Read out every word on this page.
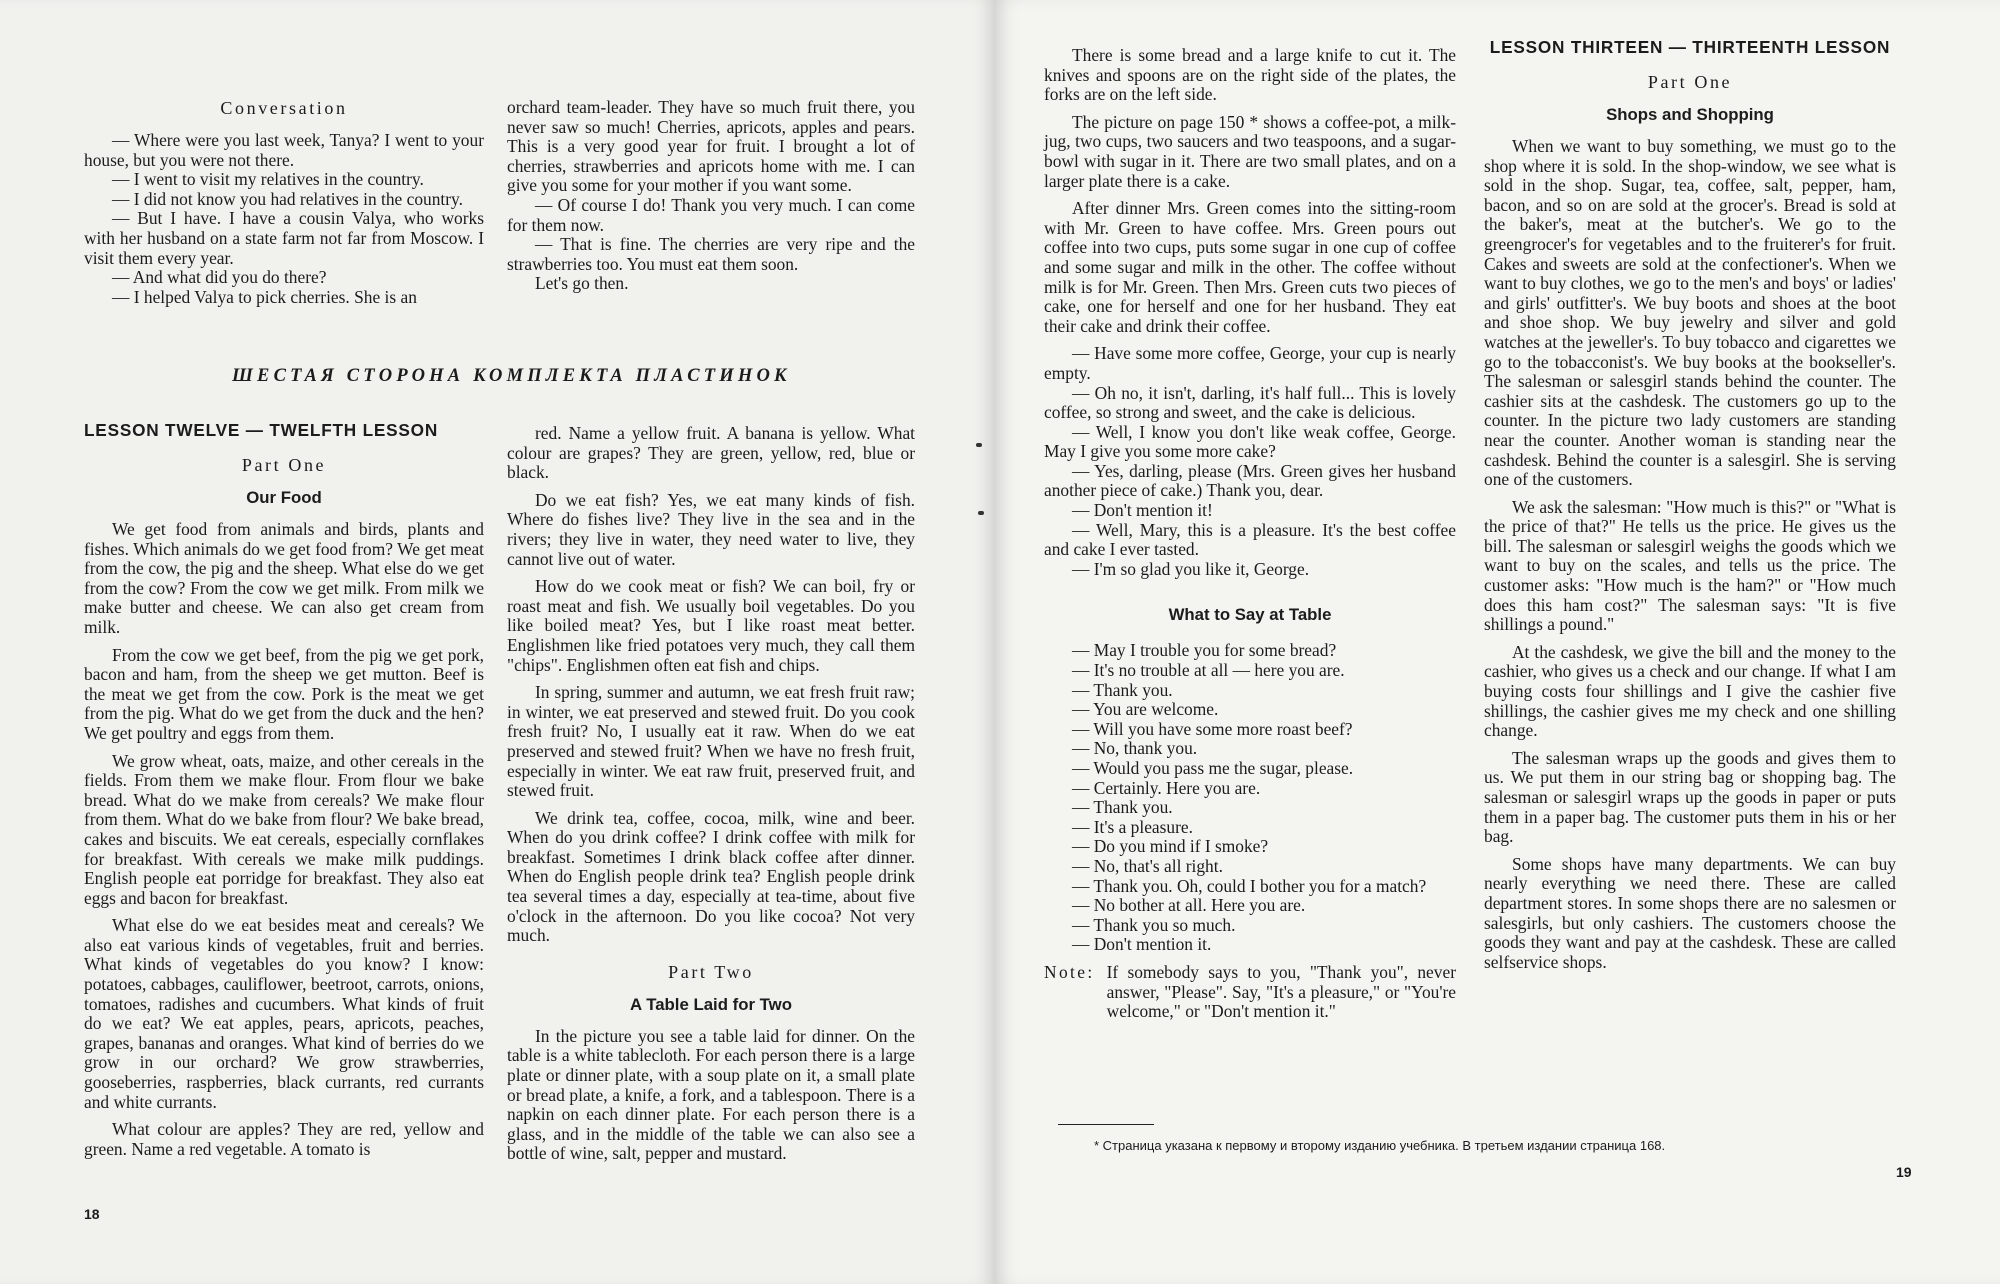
Conversation

— Where were you last week, Tanya? I went to your house, but you were not there.

— I went to visit my relatives in the country.

— I did not know you had relatives in the country.

— But I have. I have a cousin Valya, who works with her husband on a state farm not far from Moscow. I visit them every year.

— And what did you do there?

— I helped Valya to pick cherries. She is an

orchard team-leader. They have so much fruit there, you never saw so much! Cherries, apricots, apples and pears. This is a very good year for fruit. I brought a lot of cherries, strawberries and apricots home with me. I can give you some for your mother if you want some.

— Of course I do! Thank you very much. I can come for them now.

— That is fine. The cherries are very ripe and the strawberries too. You must eat them soon.

Let's go then.

ШЕСТАЯ СТОРОНА КОМПЛЕКТА ПЛАСТИНОК
LESSON TWELVE — TWELFTH LESSON
Part One
Our Food

We get food from animals and birds, plants and fishes. Which animals do we get food from? We get meat from the cow, the pig and the sheep. What else do we get from the cow? From the cow we get milk. From milk we make butter and cheese. We can also get cream from milk.

From the cow we get beef, from the pig we get pork, bacon and ham, from the sheep we get mutton. Beef is the meat we get from the cow. Pork is the meat we get from the pig. What do we get from the duck and the hen? We get poultry and eggs from them.

We grow wheat, oats, maize, and other cereals in the fields. From them we make flour. From flour we bake bread. What do we make from cereals? We make flour from them. What do we bake from flour? We bake bread, cakes and biscuits. We eat cereals, especially cornflakes for breakfast. With cereals we make milk puddings. English people eat porridge for breakfast. They also eat eggs and bacon for breakfast.

What else do we eat besides meat and cereals? We also eat various kinds of vegetables, fruit and berries. What kinds of vegetables do you know? I know: potatoes, cabbages, cauliflower, beetroot, carrots, onions, tomatoes, radishes and cucumbers. What kinds of fruit do we eat? We eat apples, pears, apricots, peaches, grapes, bananas and oranges. What kind of berries do we grow in our orchard? We grow strawberries, gooseberries, raspberries, black currants, red currants and white currants.

What colour are apples? They are red, yellow and green. Name a red vegetable. A tomato is

red. Name a yellow fruit. A banana is yellow. What colour are grapes? They are green, yellow, red, blue or black.

Do we eat fish? Yes, we eat many kinds of fish. Where do fishes live? They live in the sea and in the rivers; they live in water, they need water to live, they cannot live out of water.

How do we cook meat or fish? We can boil, fry or roast meat and fish. We usually boil vegetables. Do you like boiled meat? Yes, but I like roast meat better. Englishmen like fried potatoes very much, they call them "chips". Englishmen often eat fish and chips.

In spring, summer and autumn, we eat fresh fruit raw; in winter, we eat preserved and stewed fruit. Do you cook fresh fruit? No, I usually eat it raw. When do we eat preserved and stewed fruit? When we have no fresh fruit, especially in winter. We eat raw fruit, preserved fruit, and stewed fruit.

We drink tea, coffee, cocoa, milk, wine and beer. When do you drink coffee? I drink coffee with milk for breakfast. Sometimes I drink black coffee after dinner. When do English people drink tea? English people drink tea several times a day, especially at tea-time, about five o'clock in the afternoon. Do you like cocoa? Not very much.

Part Two
A Table Laid for Two

In the picture you see a table laid for dinner. On the table is a white tablecloth. For each person there is a large plate or dinner plate, with a soup plate on it, a small plate or bread plate, a knife, a fork, and a tablespoon. There is a napkin on each dinner plate. For each person there is a glass, and in the middle of the table we can also see a bottle of wine, salt, pepper and mustard.

18

There is some bread and a large knife to cut it. The knives and spoons are on the right side of the plates, the forks are on the left side.

The picture on page 150 * shows a coffee-pot, a milk-jug, two cups, two saucers and two teaspoons, and a sugar-bowl with sugar in it. There are two small plates, and on a larger plate there is a cake.

After dinner Mrs. Green comes into the sitting-room with Mr. Green to have coffee. Mrs. Green pours out coffee into two cups, puts some sugar in one cup of coffee and some sugar and milk in the other. The coffee without milk is for Mr. Green. Then Mrs. Green cuts two pieces of cake, one for herself and one for her husband. They eat their cake and drink their coffee.

— Have some more coffee, George, your cup is nearly empty.

— Oh no, it isn't, darling, it's half full... This is lovely coffee, so strong and sweet, and the cake is delicious.

— Well, I know you don't like weak coffee, George. May I give you some more cake?

— Yes, darling, please (Mrs. Green gives her husband another piece of cake.) Thank you, dear.

— Don't mention it!

— Well, Mary, this is a pleasure. It's the best coffee and cake I ever tasted.

— I'm so glad you like it, George.

What to Say at Table

— May I trouble you for some bread?

— It's no trouble at all — here you are.

— Thank you.

— You are welcome.

— Will you have some more roast beef?

— No, thank you.

— Would you pass me the sugar, please.

— Certainly. Here you are.

— Thank you.

— It's a pleasure.

— Do you mind if I smoke?

— No, that's all right.

— Thank you. Oh, could I bother you for a match?

— No bother at all. Here you are.

— Thank you so much.

— Don't mention it.

Note: If somebody says to you, "Thank you", never answer, "Please". Say, "It's a pleasure," or "You're welcome," or "Don't mention it."
* Страница указана к первому и второму изданию учебника. В третьем издании страница 168.
LESSON THIRTEEN — THIRTEENTH LESSON
Part One
Shops and Shopping

When we want to buy something, we must go to the shop where it is sold. In the shop-window, we see what is sold in the shop. Sugar, tea, coffee, salt, pepper, ham, bacon, and so on are sold at the grocer's. Bread is sold at the baker's, meat at the butcher's. We go to the greengrocer's for vegetables and to the fruiterer's for fruit. Cakes and sweets are sold at the confectioner's. When we want to buy clothes, we go to the men's and boys' or ladies' and girls' outfitter's. We buy boots and shoes at the boot and shoe shop. We buy jewelry and silver and gold watches at the jeweller's. To buy tobacco and cigarettes we go to the tobacconist's. We buy books at the bookseller's. The salesman or salesgirl stands behind the counter. The cashier sits at the cashdesk. The customers go up to the counter. In the picture two lady customers are standing near the counter. Another woman is standing near the cashdesk. Behind the counter is a salesgirl. She is serving one of the customers.

We ask the salesman: "How much is this?" or "What is the price of that?" He tells us the price. He gives us the bill. The salesman or salesgirl weighs the goods which we want to buy on the scales, and tells us the price. The customer asks: "How much is the ham?" or "How much does this ham cost?" The salesman says: "It is five shillings a pound."

At the cashdesk, we give the bill and the money to the cashier, who gives us a check and our change. If what I am buying costs four shillings and I give the cashier five shillings, the cashier gives me my check and one shilling change.

The salesman wraps up the goods and gives them to us. We put them in our string bag or shopping bag. The salesman or salesgirl wraps up the goods in paper or puts them in a paper bag. The customer puts them in his or her bag.

Some shops have many departments. We can buy nearly everything we need there. These are called department stores. In some shops there are no salesmen or salesgirls, but only cashiers. The customers choose the goods they want and pay at the cashdesk. These are called selfservice shops.

19
